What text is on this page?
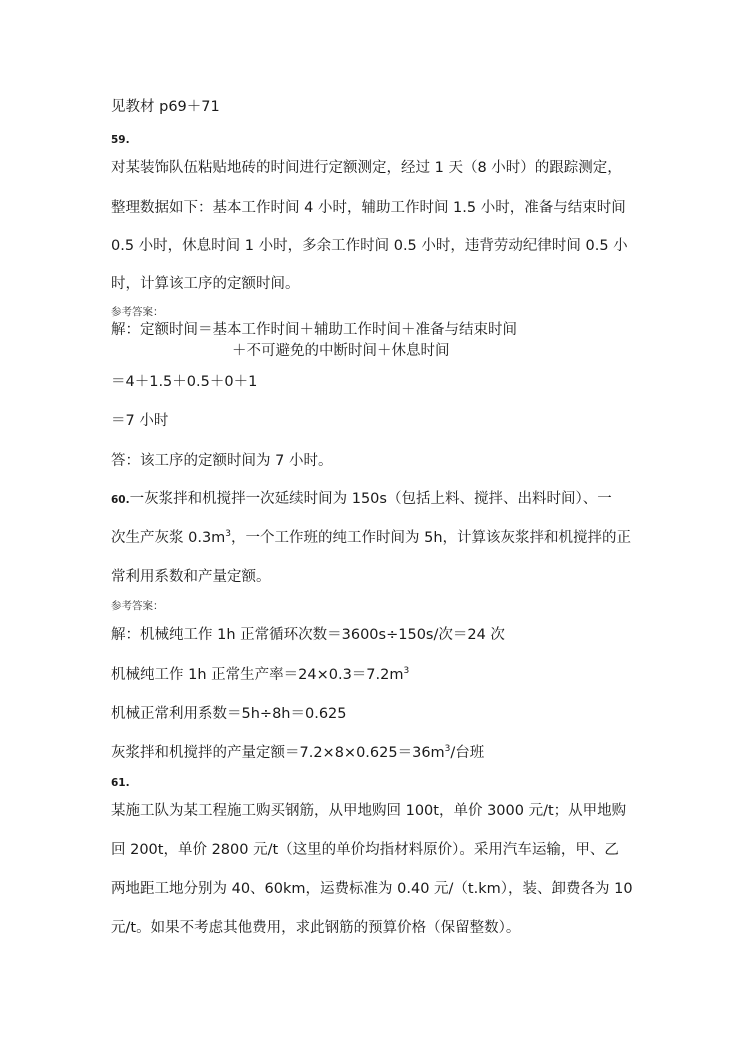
见教材 p69＋71
59.
对某装饰队伍粘贴地砖的时间进行定额测定，经过 1 天（8 小时）的跟踪测定，
整理数据如下：基本工作时间 4 小时，辅助工作时间 1.5 小时，准备与结束时间
0.5 小时，休息时间 1 小时，多余工作时间 0.5 小时，违背劳动纪律时间 0.5 小
时，计算该工序的定额时间。
参考答案：
解：定额时间＝基本工作时间＋辅助工作时间＋准备与结束时间
＋不可避免的中断时间＋休息时间
＝4＋1.5＋0.5＋0＋1
＝7 小时
答：该工序的定额时间为 7 小时。
60.一灰浆拌和机搅拌一次延续时间为 150s（包括上料、搅拌、出料时间）、一
次生产灰浆 $0.3m^3$，一个工作班的纯工作时间为 5h，计算该灰浆拌和机搅拌的正
常利用系数和产量定额。
参考答案：
解：机械纯工作 1h 正常循环次数＝3600s÷150s/次＝24 次
机械纯工作 1h 正常生产率$=24\times 0.3=7.2m^3$
机械正常利用系数＝5h÷8h＝0.625
灰浆拌和机搅拌的产量定额$=7.2\times 8\times 0.625=36m^3/$台班
61.
某施工队为某工程施工购买钢筋，从甲地购回 100t，单价 3000 元/t；从甲地购
回 200t，单价 2800 元/t（这里的单价均指材料原价）。采用汽车运输，甲、乙
两地距工地分别为 40、60km，运费标准为 0.40 元/（t.km），装、卸费各为 10
元/t。如果不考虑其他费用，求此钢筋的预算价格（保留整数）。
